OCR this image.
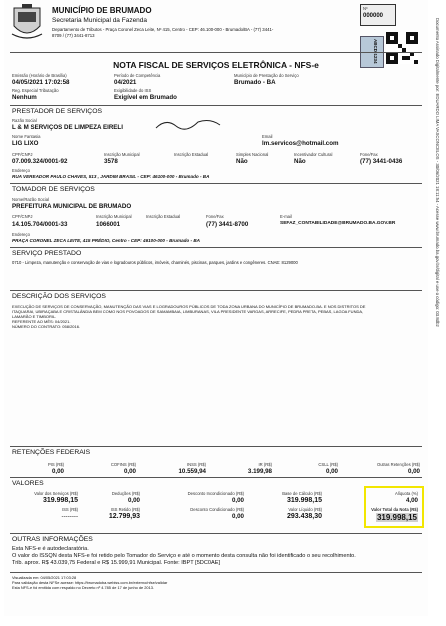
MUNICÍPIO DE BRUMADO
Secretaria Municipal da Fazenda
Departamento de Tributos - Praça Coronel Zeca Leite, Nº 415, Centro - CEP: 46.100-000 - Brumado/BA - (77) 3441-
8709 / (77) 3441-8713
Nº
000000
ABCD-1234
NOTA FISCAL DE SERVIÇOS ELETRÔNICA - NFS-e
Emissão (Horário de Brasília)
04/05/2021 17:02:58
Período de Competência
04/2021
Município de Prestação do Serviço
Brumado - BA
Reg. Especial Tributação
Nenhum
Exigibilidade do ISS
Exigível em Brumado
PRESTADOR DE SERVIÇOS
Razão Social
L & M SERVIÇOS DE LIMPEZA EIRELI
Nome Fantasia
LIG LIXO
Email
lm.servicos@hotmail.com
CPF/CNPJ
07.009.324/0001-92
Inscrição Municipal
3578
Inscrição Estadual	Simples Nacional
Não
Incentivador Cultural
Não
Fone/Fax
(77) 3441-0436
Endereço
RUA VEREADOR PAULO CHAVES, 513 , JARDIM BRASIL - CEP: 46100-000 - Brumado - BA
TOMADOR DE SERVIÇOS
Nome/Razão Social
PREFEITURA MUNICIPAL DE BRUMADO
CPF/CNPJ
14.105.704/0001-33
Inscrição Municipal
1066001
Inscrição Estadual	Fone/Fax
(77) 3441-8700
E-mail
SEFAZ_CONTABILIDADE@BRUMADO.BA.GOV.BR
Endereço
PRAÇA CORONEL ZECA LEITE, 415 PRÉDIO, Centro - CEP: 46100-000 - Brumado - BA
SERVIÇO PRESTADO
0710 - Limpeza, manutenção e conservação de vias e logradouros públicos, imóveis, chaminés, piscinas, parques, jardins e congêneres. CNAE: 8129000
DESCRIÇÃO DOS SERVIÇOS
EXECUÇÃO DE SERVIÇOS DE CONSERVAÇÃO, MANUTENÇÃO DAS VIAS E LOGRADOUROS PÚBLICOS DE TODA ZONA URBANA DO MUNICÍPIO DE BRUMADO-BA. E NOS DISTRITOS DE
ITAQUARAI, UBIRAÇABA E CRISTALÂNDIA BEM COMO NOS POVOADOS DE SAMAMBAIA, LIMBURANAS, VILA PRESIDENTE VARGAS, ARRECIFE, PEDRA PRETA, PEBAS, LAGOA FUNDA,
LAMARÃO E TIMBORIL.
REFERENTE AO MÊS: 04/2021.
NÚMERO DO CONTRATO: 058/2016.
RETENÇÕES FEDERAIS
PIS (R$)
0,00
COFINS (R$)
0,00
INSS (R$)
10.559,94
IR (R$)
3.199,98
CSLL (R$)
0,00
Outras Retenções (R$)
0,00
VALORES
Valor dos Serviços (R$)
319.998,15
Deduções (R$)
0,00
Desconto Incondicionado (R$)
0,00
Base de Cálculo (R$)
319.998,15
ISS (R$)
--------
ISS Retido (R$)
12.799,93
Desconto Condicionado (R$)
0,00
Valor Líquido (R$)
293.438,30
Alíquota (%)
4,00
Valor Total da Nota (R$)
319.998,15
OUTRAS INFORMAÇÕES
Esta NFS-e é autodeclaratória.
O valor do ISSQN desta NFS-e foi retido pelo Tomador do Serviço e até o momento desta consulta não foi identificado o seu recolhimento.
Trib. aprox. R$ 43.039,75 Federal e R$ 15.999,91 Municipal. Fonte: IBPT [5DC0AE]
Visualizada em: 04/05/2021 17:03:28
Para validação desta NFSe acesse: https://brumadoba.webiss.com.br/externo/nfse/validar
Esta NFS-e foi emitida com respaldo no Decreto nº 4.785 de 17 de junho de 2013.
Documento Assinado Digitalmente por: EDUARDO LIMA VASCONCELOS - 30/06/2021 18:11:54 - Acesse www.brumado.ba.gov.br/digital e use o código: 03.8db2
